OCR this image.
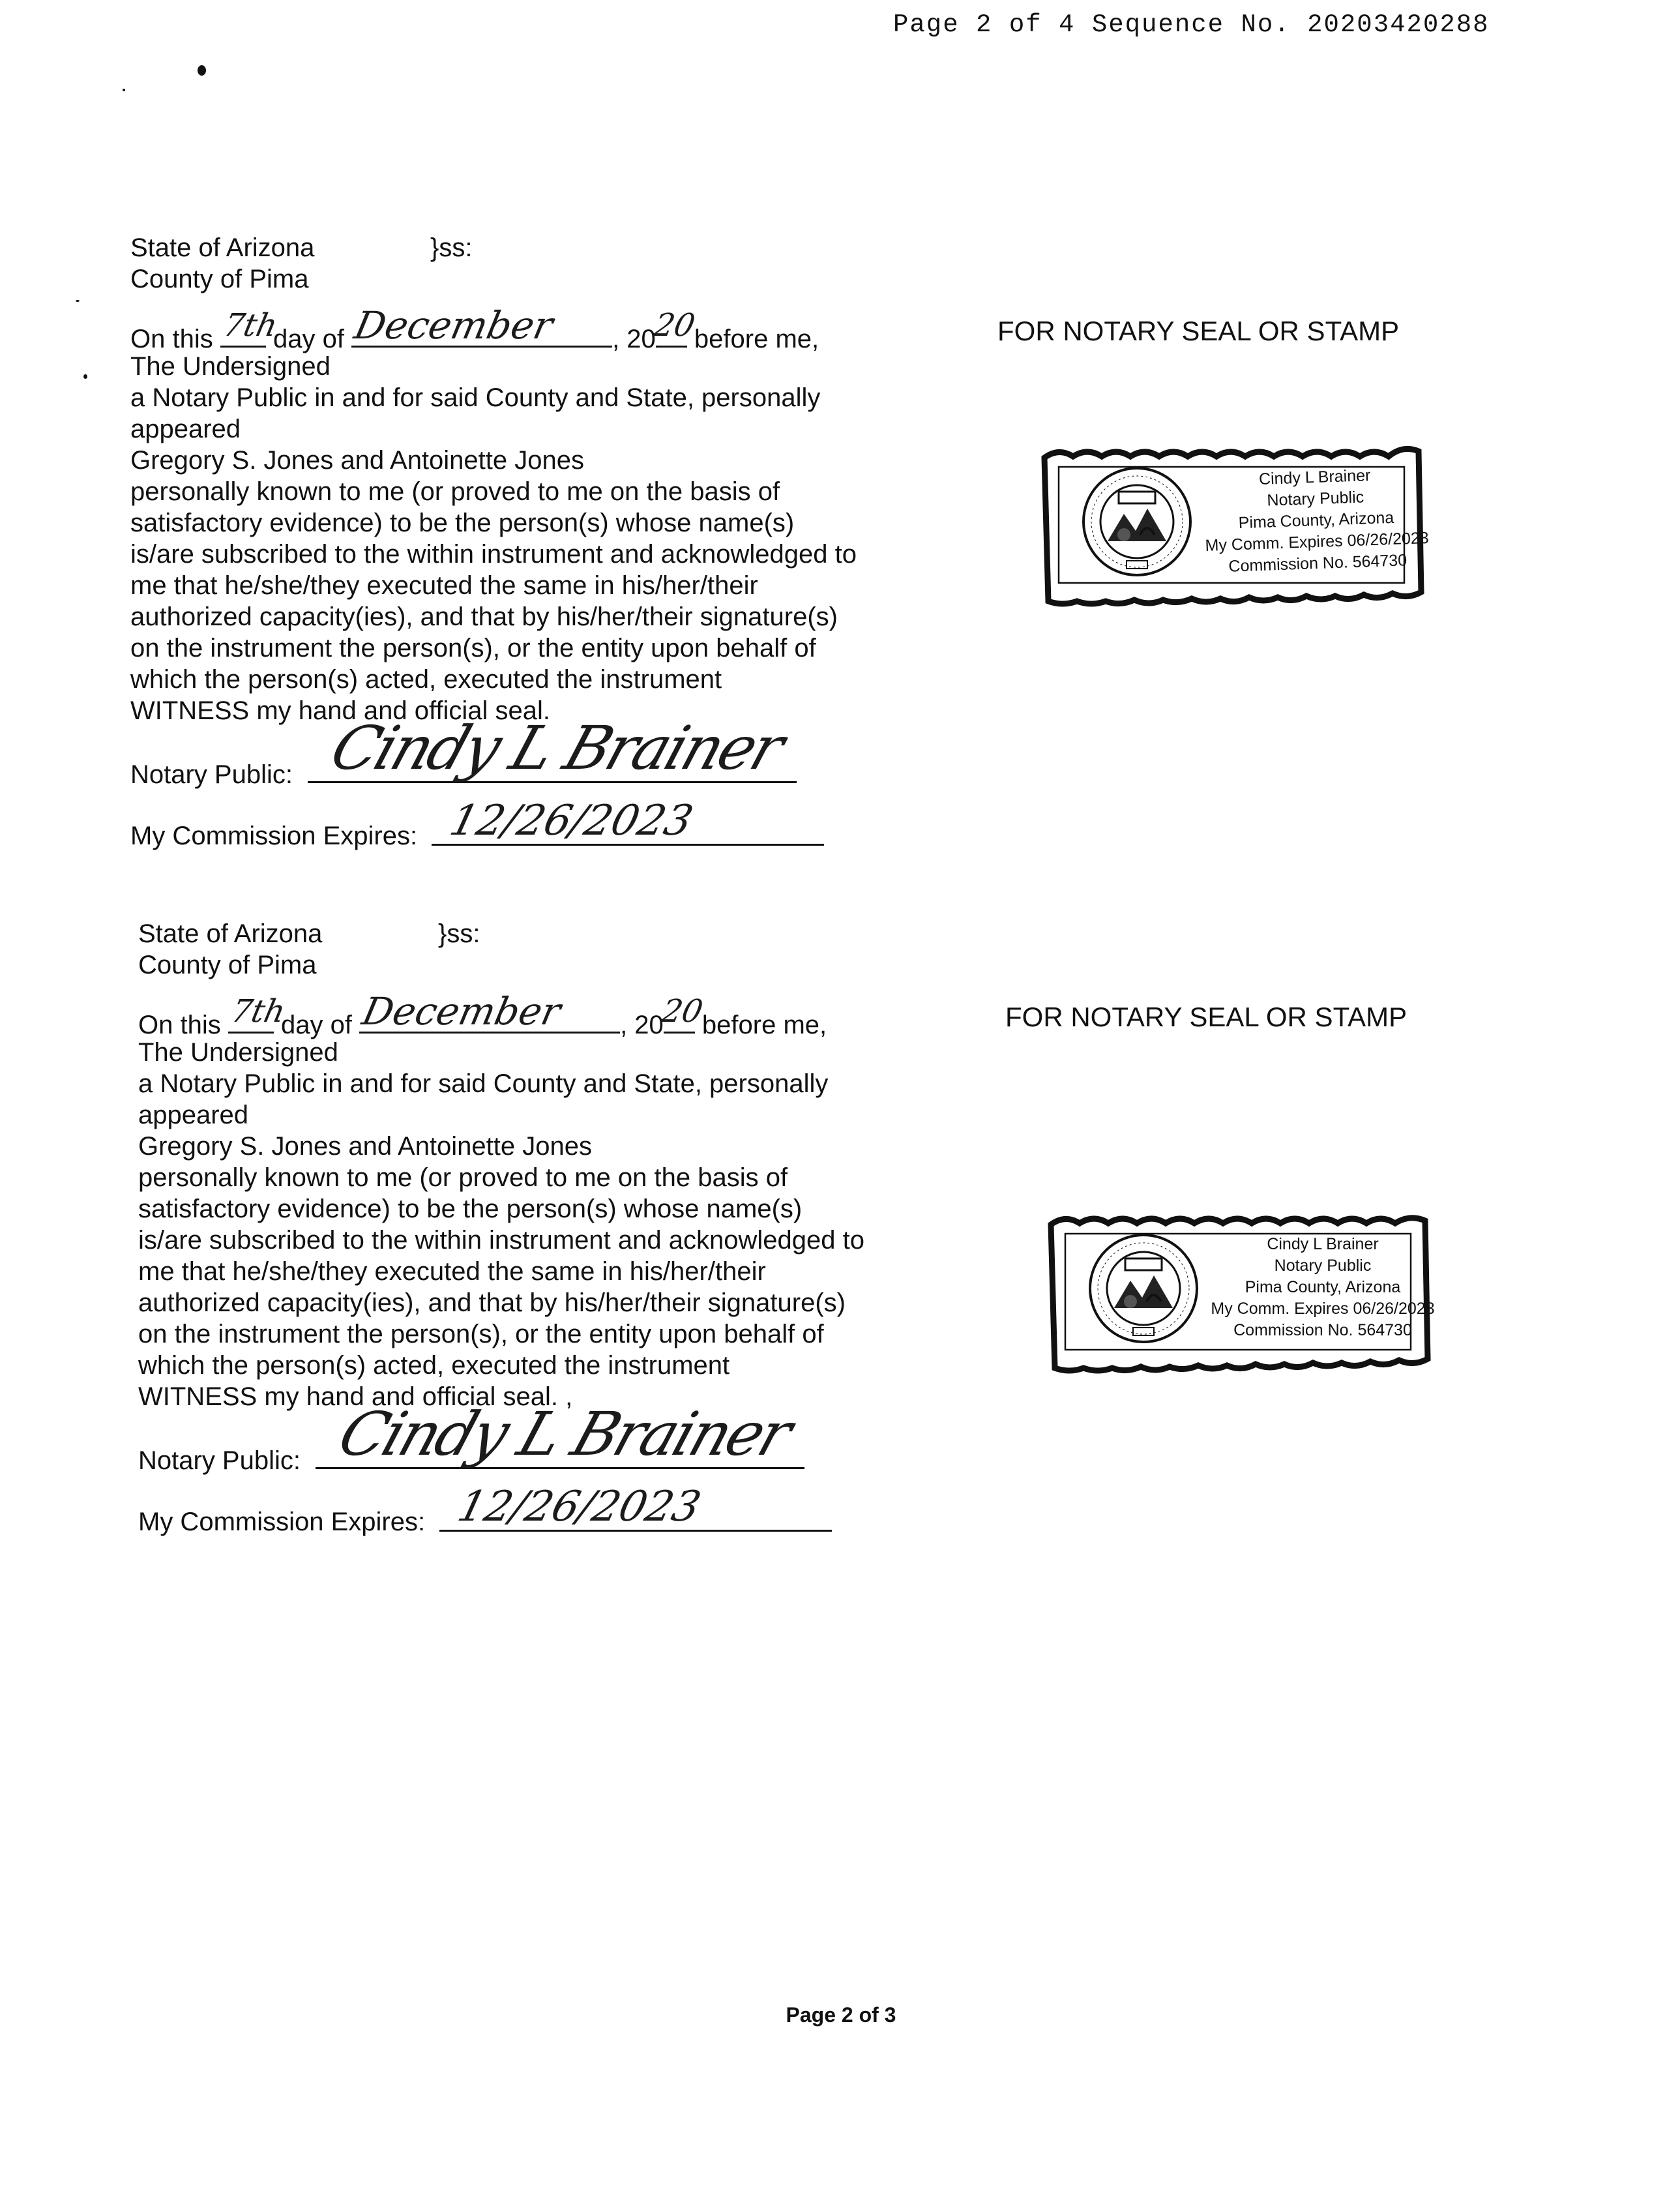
Page 2 of 4 Sequence No. 20203420288
State of Arizona	}ss:
County of Pima
On this 7th
day of December , 20
20
before me,
The Undersigned
a Notary Public in and for said County and State, personally
appeared
Gregory S. Jones and Antoinette Jones
personally known to me (or proved to me on the basis of
satisfactory evidence) to be the person(s) whose name(s)
is/are subscribed to the within instrument and acknowledged to
me that he/she/they executed the same in his/her/their
authorized capacity(ies), and that by his/her/their signature(s)
on the instrument the person(s), or the entity upon behalf of
which the person(s) acted, executed the instrument
WITNESS my hand and official seal.
Notary Public: Cindy L Brainer
My Commission Expires: 12/26/2023
FOR NOTARY SEAL OR STAMP
Cindy L Brainer
Notary Public
Pima County, Arizona
My Comm. Expires 06/26/2023
Commission No. 564730
State of Arizona	}ss:
County of Pima
On this 7th
day of December , 20
20
before me,
The Undersigned
a Notary Public in and for said County and State, personally
appeared
Gregory S. Jones and Antoinette Jones
personally known to me (or proved to me on the basis of
satisfactory evidence) to be the person(s) whose name(s)
is/are subscribed to the within instrument and acknowledged to
me that he/she/they executed the same in his/her/their
authorized capacity(ies), and that by his/her/their signature(s)
on the instrument the person(s), or the entity upon behalf of
which the person(s) acted, executed the instrument
WITNESS my hand and official seal. ,
Notary Public: Cindy L Brainer
My Commission Expires: 12/26/2023
FOR NOTARY SEAL OR STAMP
Cindy L Brainer
Notary Public
Pima County, Arizona
My Comm. Expires 06/26/2023
Commission No. 564730
Page 2 of 3
